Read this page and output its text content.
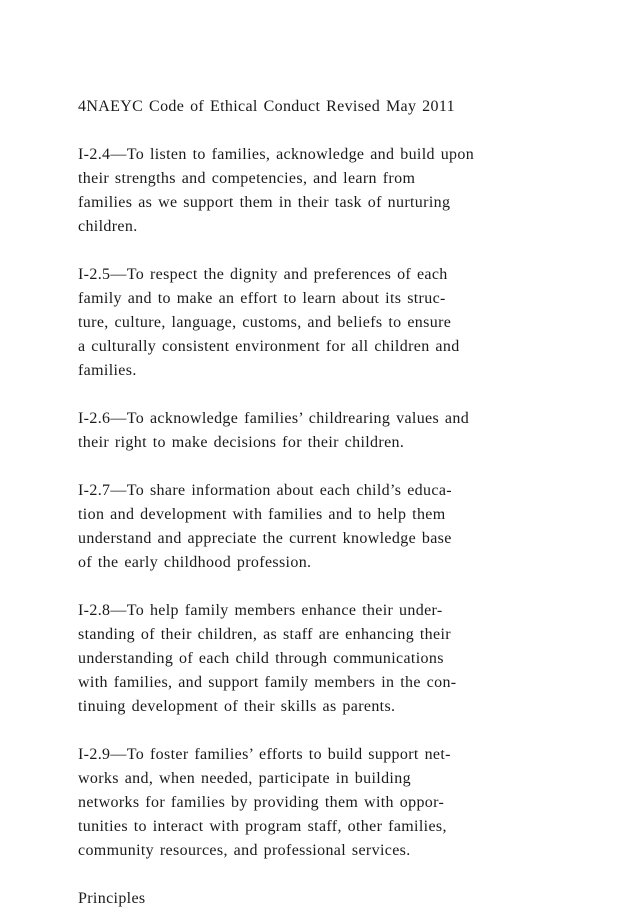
4NAEYC Code of Ethical Conduct Revised May 2011
I-2.4—To listen to families, acknowledge and build upon
their strengths and competencies, and learn from
families as we support them in their task of nurturing
children.
I-2.5—To respect the dignity and preferences of each
family and to make an effort to learn about its struc-
ture, culture, language, customs, and beliefs to ensure
a culturally consistent environment for all children and
families.
I-2.6—To acknowledge families’ childrearing values and
their right to make decisions for their children.
I-2.7—To share information about each child’s educa-
tion and development with families and to help them
understand and appreciate the current knowledge base
of the early childhood profession.
I-2.8—To help family members enhance their under-
standing of their children, as staff are enhancing their
understanding of each child through communications
with families, and support family members in the con-
tinuing development of their skills as parents.
I-2.9—To foster families’ efforts to build support net-
works and, when needed, participate in building
networks for families by providing them with oppor-
tunities to interact with program staff, other families,
community resources, and professional services.
Principles
